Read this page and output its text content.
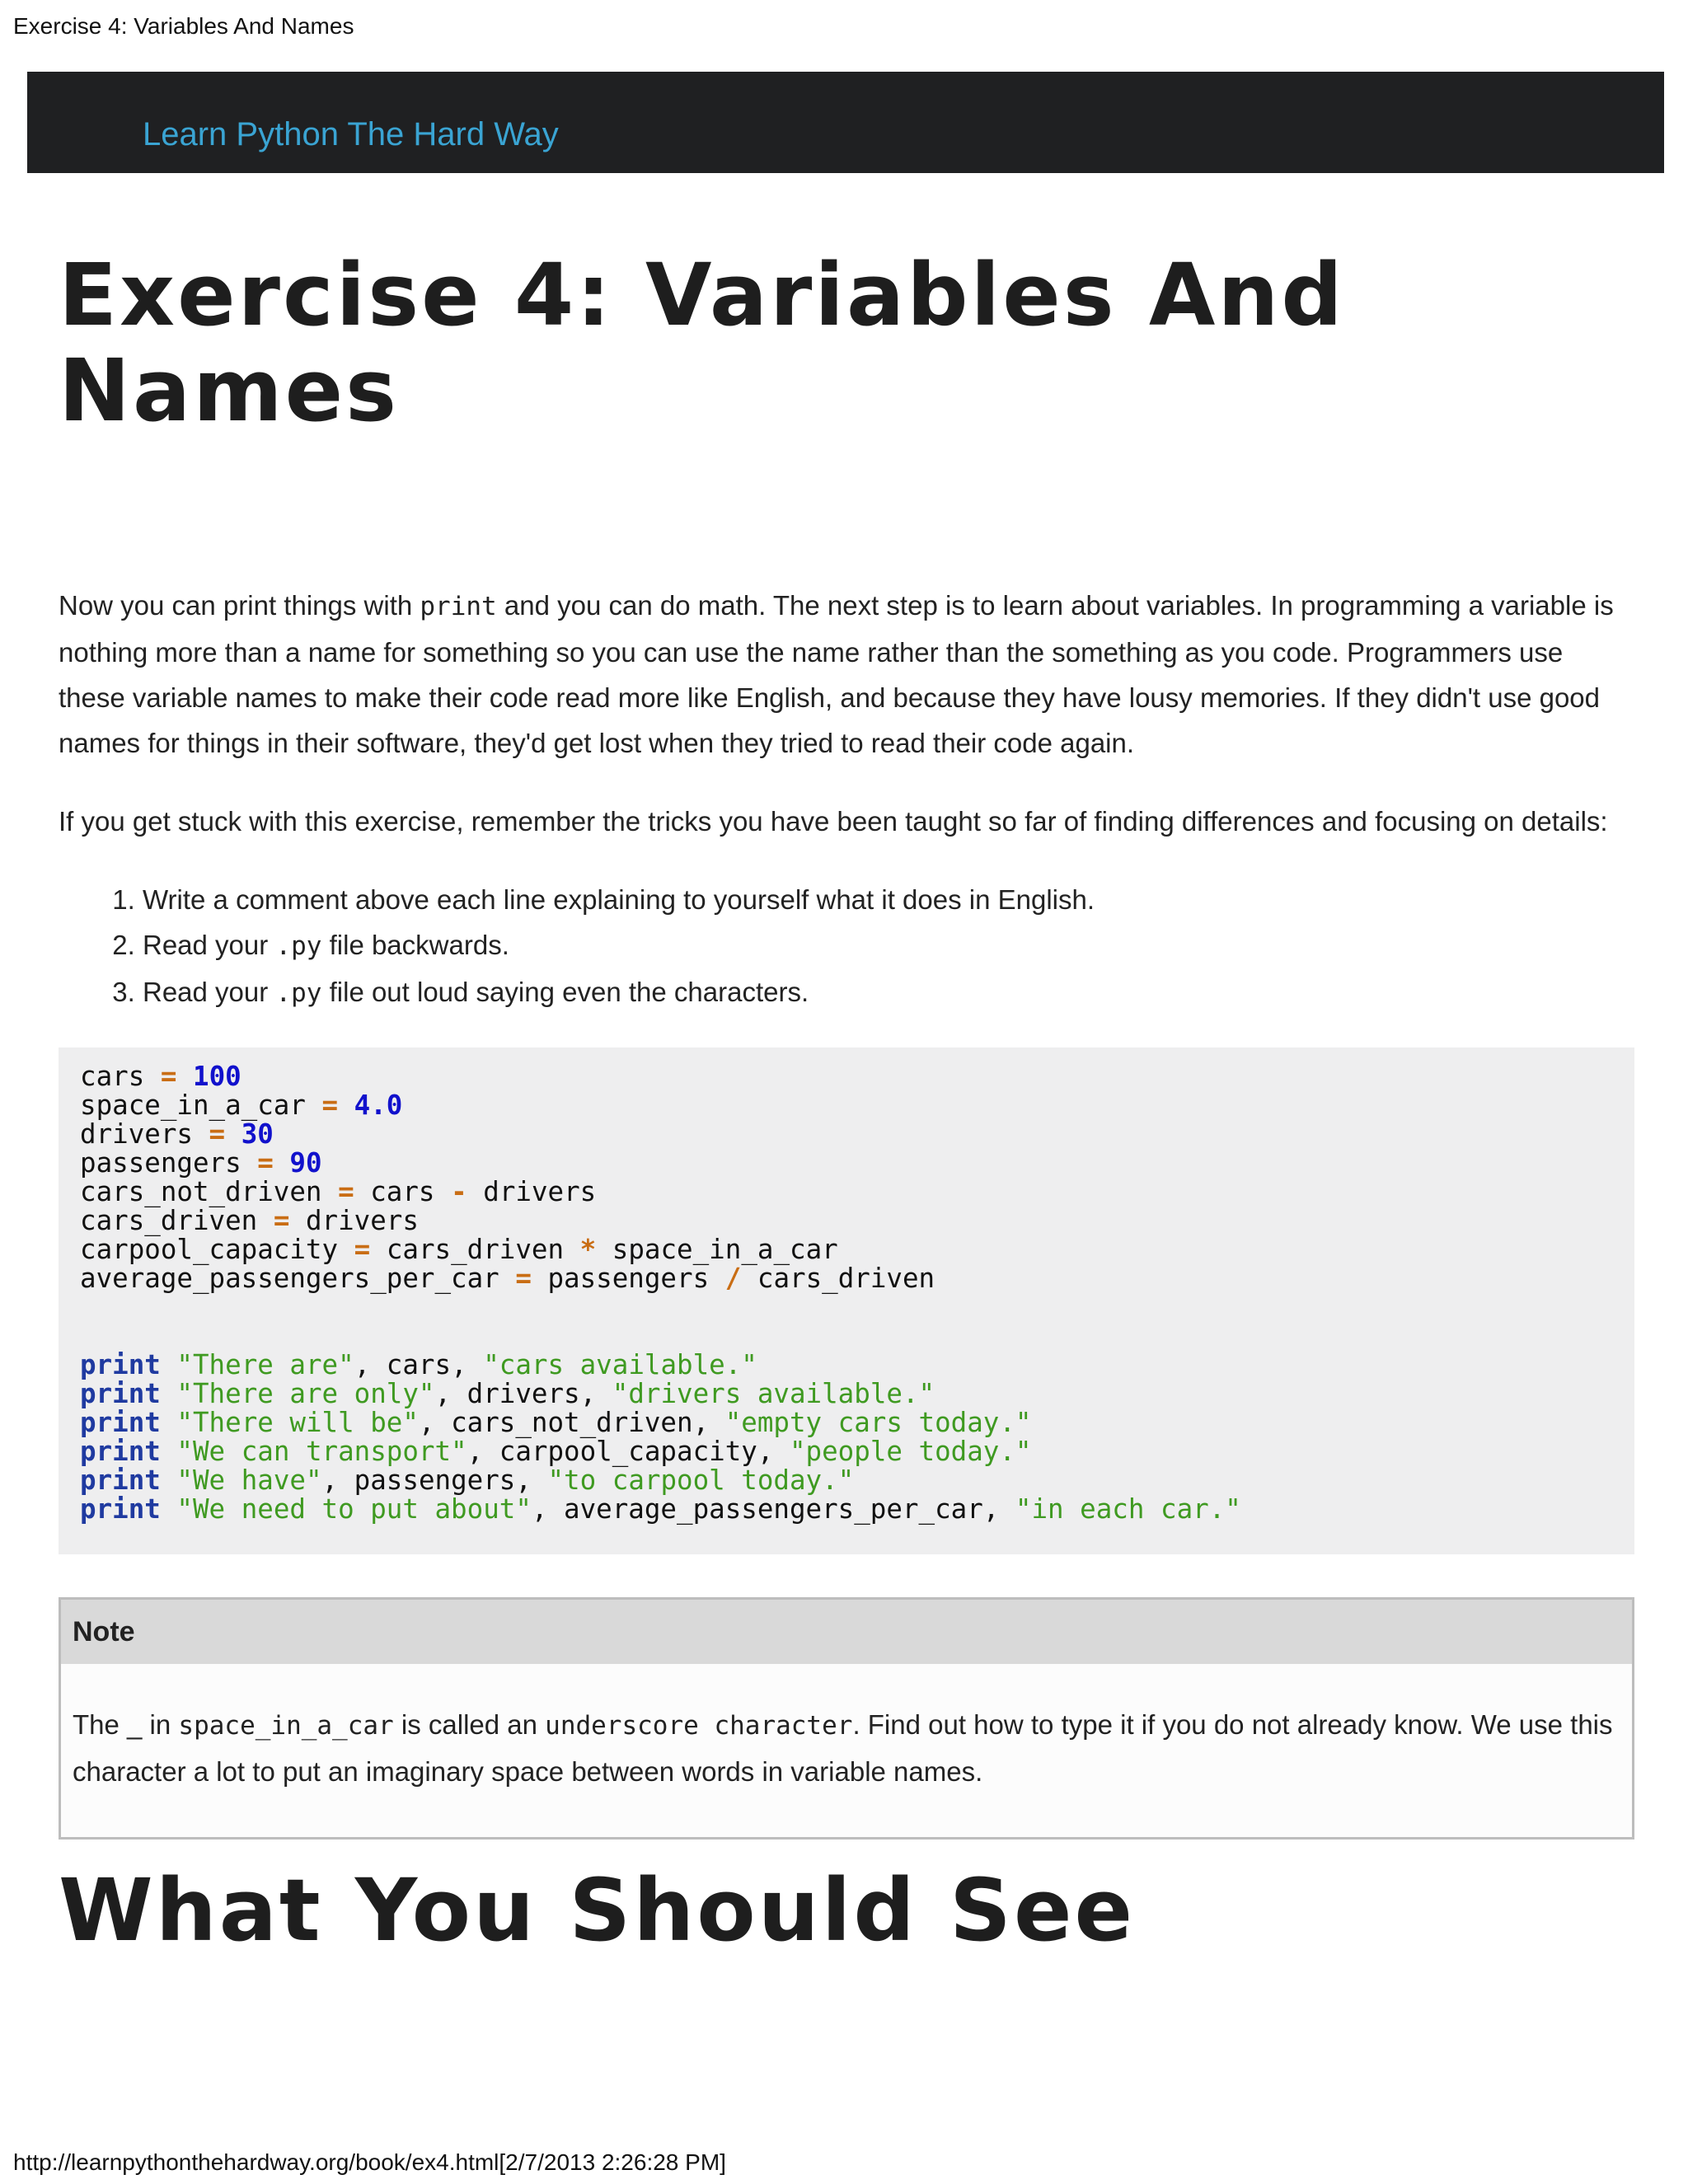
Exercise 4: Variables And Names
Learn Python The Hard Way
Exercise 4: Variables And Names

Now you can print things with print and you can do math. The next step is to learn about variables. In programming a variable is nothing more than a name for something so you can use the name rather than the something as you code. Programmers use these variable names to make their code read more like English, and because they have lousy memories. If they didn't use good names for things in their software, they'd get lost when they tried to read their code again.

If you get stuck with this exercise, remember the tricks you have been taught so far of finding differences and focusing on details:

1. Write a comment above each line explaining to yourself what it does in English.
2. Read your .py file backwards.
3. Read your .py file out loud saying even the characters.
cars = 100
space_in_a_car = 4.0
drivers = 30
passengers = 90
cars_not_driven = cars - drivers
cars_driven = drivers
carpool_capacity = cars_driven * space_in_a_car
average_passengers_per_car = passengers / cars_driven
print "There are", cars, "cars available."
print "There are only", drivers, "drivers available."
print "There will be", cars_not_driven, "empty cars today."
print "We can transport", carpool_capacity, "people today."
print "We have", passengers, "to carpool today."
print "We need to put about", average_passengers_per_car, "in each car."
Note
The _ in space_in_a_car is called an underscore character. Find out how to type it if you do not already know. We use this character a lot to put an imaginary space between words in variable names.
What You Should See
http://learnpythonthehardway.org/book/ex4.html[2/7/2013 2:26:28 PM]
